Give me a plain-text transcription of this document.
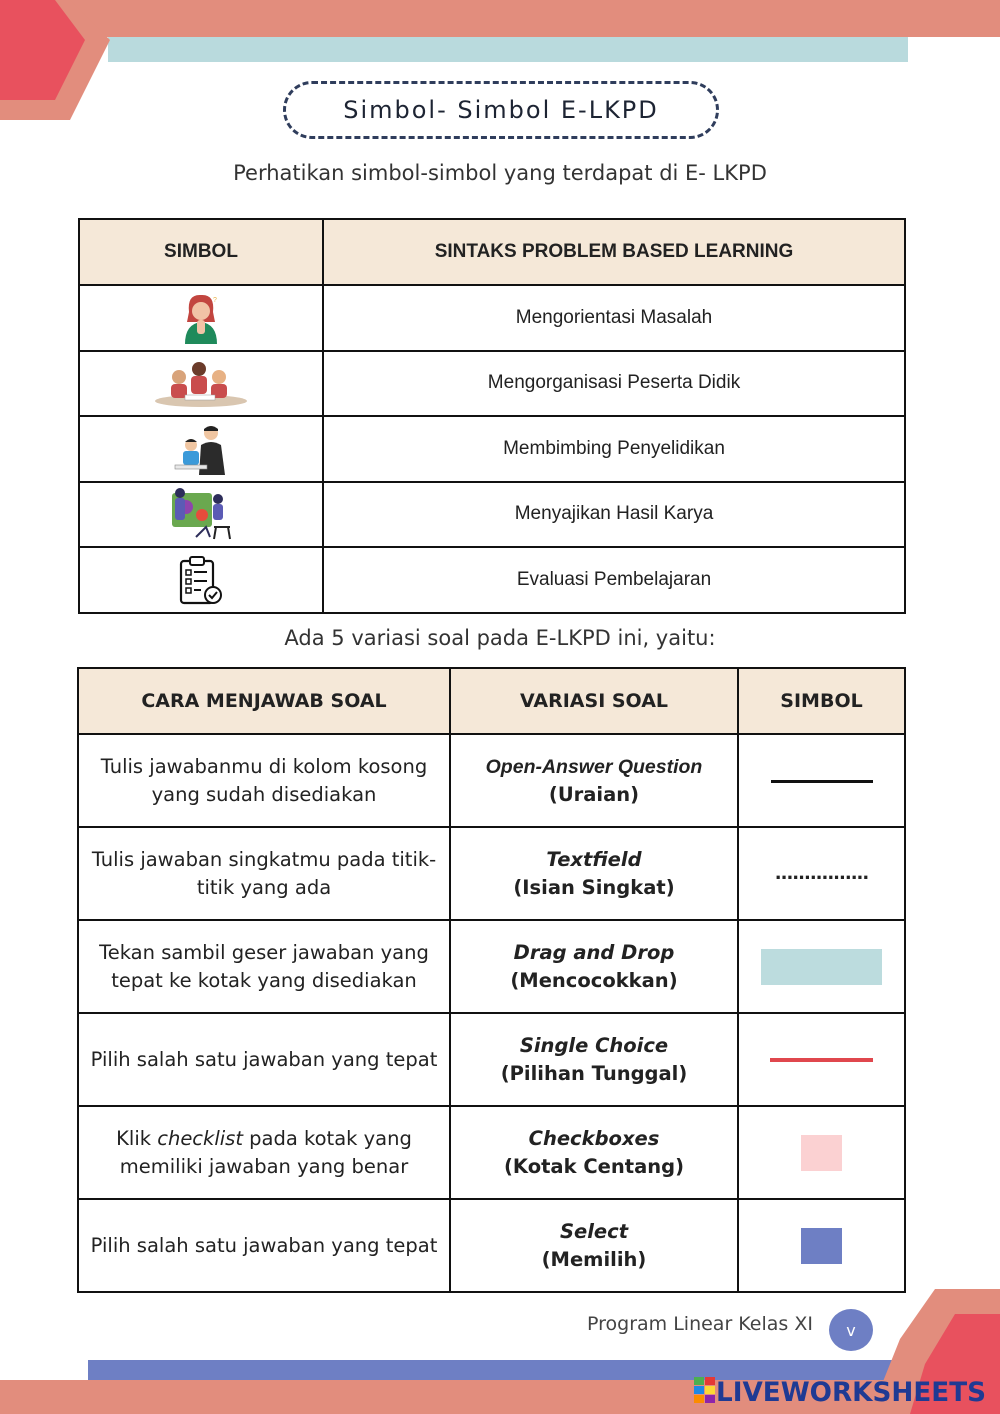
Simbol- Simbol E-LKPD
Perhatikan simbol-simbol yang terdapat di E- LKPD
SIMBOL	SINTAKS PROBLEM BASED LEARNING

?	Mengorientasi Masalah
	Mengorganisasi Peserta Didik
	Membimbing Penyelidikan
	Menyajikan Hasil Karya
	Evaluasi Pembelajaran
Ada 5 variasi soal pada E-LKPD ini, yaitu:
CARA MENJAWAB SOAL	VARIASI SOAL	SIMBOL
Tulis jawabanmu di kolom kosong yang sudah disediakan	Open-Answer Question
(Uraian)	

Tulis jawaban singkatmu pada titik-titik yang ada	Textfield
(Isian Singkat)	................
Tekan sambil geser jawaban yang tepat ke kotak yang disediakan	Drag and Drop
(Mencocokkan)	

Pilih salah satu jawaban yang tepat	Single Choice
(Pilihan Tunggal)	

Klik checklist pada kotak yang memiliki jawaban yang benar	Checkboxes
(Kotak Centang)	

Pilih salah satu jawaban yang tepat	Select
(Memilih)	

Program Linear Kelas XI	v
LIVEWORKSHEETS
